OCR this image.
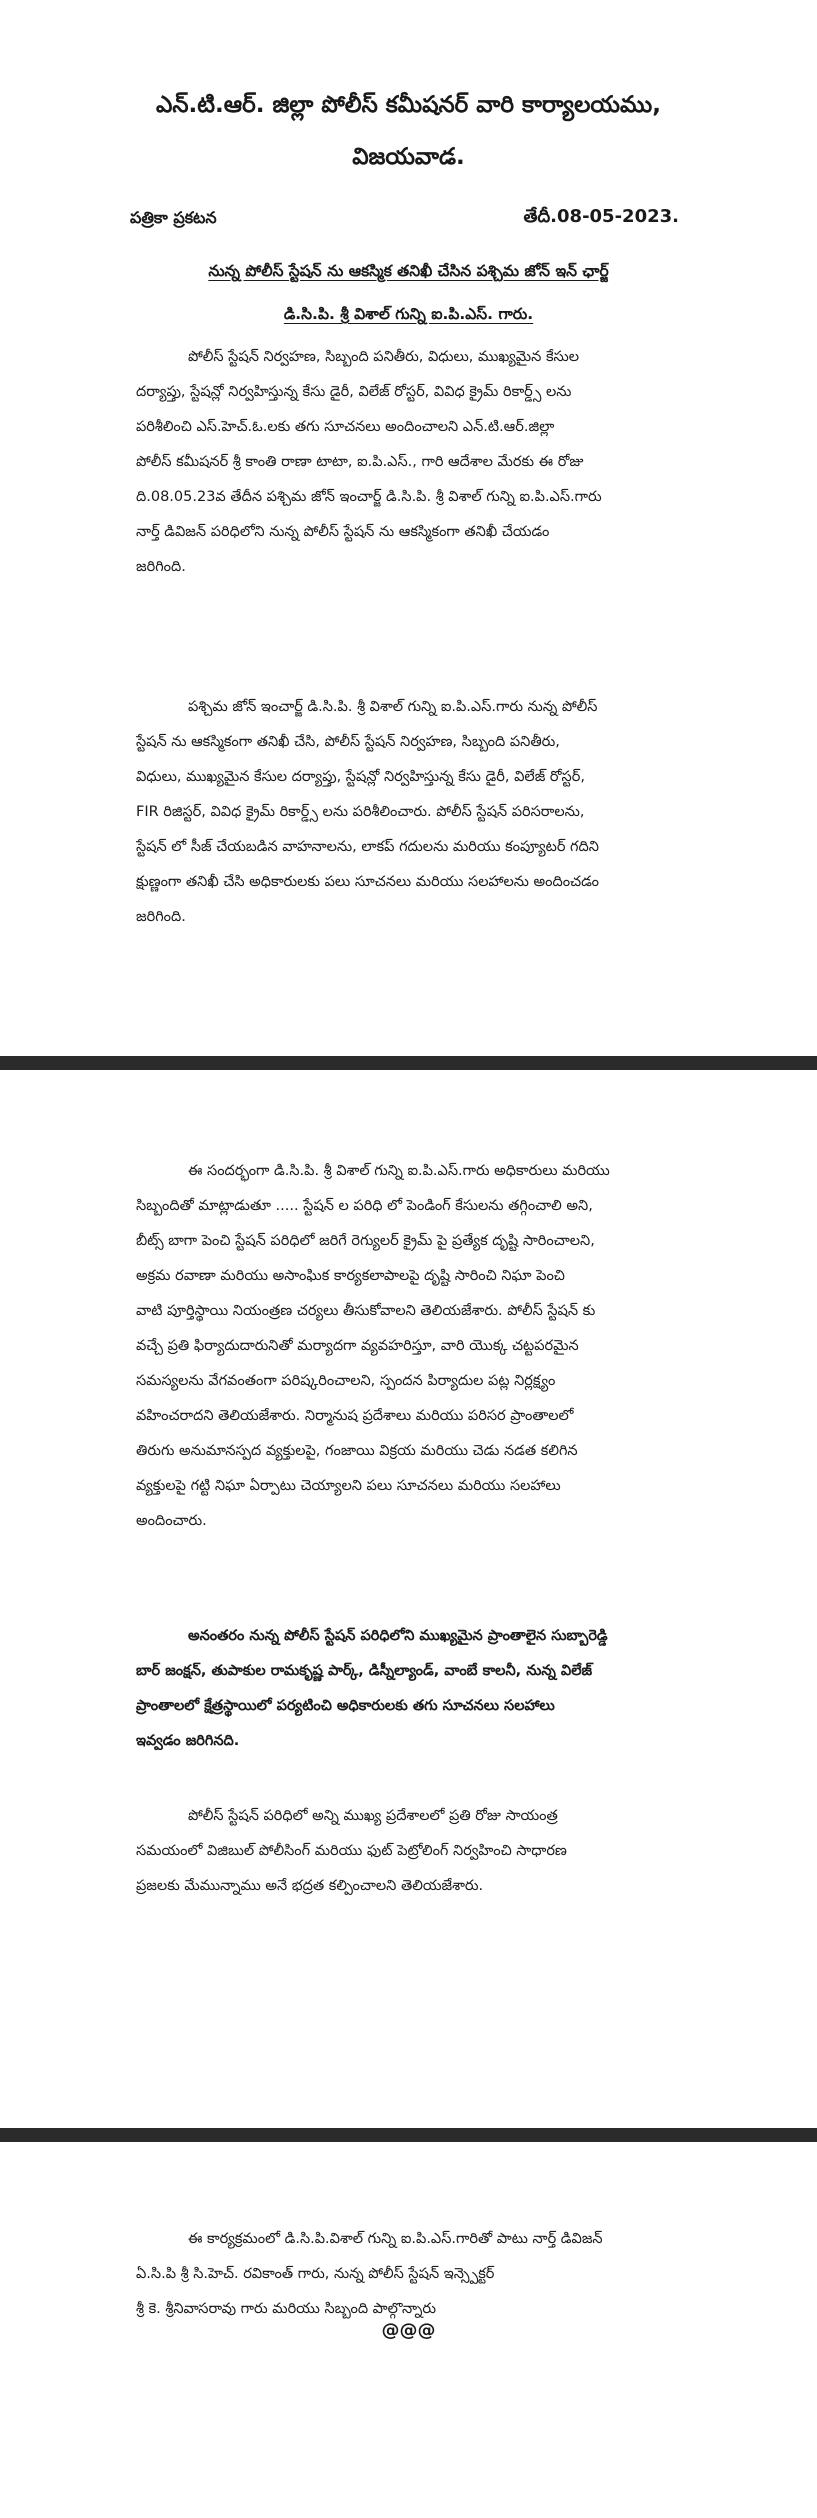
ఎన్.టి.ఆర్. జిల్లా పోలీస్ కమీషనర్ వారి కార్యాలయము,
విజయవాడ.
పత్రికా ప్రకటన	తేదీ.08-05-2023.
నున్న పోలీస్ స్టేషన్ ను ఆకస్మిక తనిఖీ చేసిన పశ్చిమ జోన్ ఇన్ ఛార్జ్
డి.సి.పి. శ్రీ విశాల్ గున్ని ఐ.పి.ఎస్. గారు.
పోలీస్ స్టేషన్ నిర్వహణ, సిబ్బంది పనితీరు, విధులు, ముఖ్యమైన కేసుల
దర్యాప్తు, స్టేషన్లో నిర్వహిస్తున్న కేసు డైరీ, విలేజ్ రోస్టర్, వివిధ క్రైమ్ రికార్డ్స్ లను
పరిశీలించి ఎస్.హెచ్.ఓ.లకు తగు సూచనలు అందించాలని ఎన్.టి.ఆర్.జిల్లా
పోలీస్ కమీషనర్ శ్రీ కాంతి రాణా టాటా, ఐ.పి.ఎస్., గారి ఆదేశాల మేరకు ఈ రోజు
ది.08.05.23వ తేదీన పశ్చిమ జోన్ ఇంచార్జ్ డి.సి.పి. శ్రీ విశాల్ గున్ని ఐ.పి.ఎస్.గారు
నార్త్ డివిజన్ పరిధిలోని నున్న పోలీస్ స్టేషన్ ను ఆకస్మికంగా తనిఖీ చేయడం
జరిగింది.
పశ్చిమ జోన్ ఇంచార్జ్ డి.సి.పి. శ్రీ విశాల్ గున్ని ఐ.పి.ఎస్.గారు నున్న పోలీస్
స్టేషన్ ను ఆకస్మికంగా తనిఖీ చేసి, పోలీస్ స్టేషన్ నిర్వహణ, సిబ్బంది పనితీరు,
విధులు, ముఖ్యమైన కేసుల దర్యాప్తు, స్టేషన్లో నిర్వహిస్తున్న కేసు డైరీ, విలేజ్ రోస్టర్,
FIR రిజిస్టర్, వివిధ క్రైమ్ రికార్డ్స్ లను పరిశీలించారు. పోలీస్ స్టేషన్ పరిసరాలను,
స్టేషన్ లో సీజ్ చేయబడిన వాహనాలను, లాకప్ గదులను మరియు కంప్యూటర్ గదిని
క్షుణ్ణంగా తనిఖీ చేసి అధికారులకు పలు సూచనలు మరియు సలహాలను అందించడం
జరిగింది.
ఈ సందర్భంగా డి.సి.పి. శ్రీ విశాల్ గున్ని ఐ.పి.ఎస్.గారు అధికారులు మరియు
సిబ్బందితో మాట్లాడుతూ ..... స్టేషన్ ల పరిధి లో పెండింగ్ కేసులను తగ్గించాలి అని,
బీట్స్ బాగా పెంచి స్టేషన్ పరిధిలో జరిగే రెగ్యులర్ క్రైమ్ పై ప్రత్యేక దృష్టి సారించాలని,
అక్రమ రవాణా మరియు అసాంఘిక కార్యకలాపాలపై దృష్టి సారించి నిఘా పెంచి
వాటి పూర్తిస్థాయి నియంత్రణ చర్యలు తీసుకోవాలని తెలియజేశారు. పోలీస్ స్టేషన్ కు
వచ్చే ప్రతి ఫిర్యాదుదారునితో మర్యాదగా వ్యవహరిస్తూ, వారి యొక్క చట్టపరమైన
సమస్యలను వేగవంతంగా పరిష్కరించాలని, స్పందన పిర్యాదుల పట్ల నిర్లక్ష్యం
వహించరాదని తెలియజేశారు. నిర్మానుష ప్రదేశాలు మరియు పరిసర ప్రాంతాలలో
తిరుగు అనుమానస్పద వ్యక్తులపై, గంజాయి విక్రయ మరియు చెడు నడత కలిగిన
వ్యక్తులపై గట్టి నిఘా ఏర్పాటు చెయ్యాలని పలు సూచనలు మరియు సలహాలు
అందించారు.
అనంతరం నున్న పోలీస్ స్టేషన్ పరిధిలోని ముఖ్యమైన ప్రాంతాలైన సుబ్బారెడ్డి
బార్ జంక్షన్, తుపాకుల రామకృష్ణ పార్క్, డిస్నీల్యాండ్, వాంబే కాలనీ, నున్న విలేజ్
ప్రాంతాలలో క్షేత్రస్థాయిలో పర్యటించి అధికారులకు తగు సూచనలు సలహాలు
ఇవ్వడం జరిగినది.
పోలీస్ స్టేషన్ పరిధిలో అన్ని ముఖ్య ప్రదేశాలలో ప్రతి రోజు సాయంత్ర
సమయంలో విజిబుల్ పోలీసింగ్ మరియు ఫుట్ పెట్రోలింగ్ నిర్వహించి సాధారణ
ప్రజలకు మేమున్నాము అనే భద్రత కల్పించాలని తెలియజేశారు.
ఈ కార్యక్రమంలో డి.సి.పి.విశాల్ గున్ని ఐ.పి.ఎస్.గారితో పాటు నార్త్ డివిజన్
ఏ.సి.పి శ్రీ సి.హెచ్. రవికాంత్ గారు, నున్న పోలీస్ స్టేషన్ ఇన్స్పెక్టర్
శ్రీ కె. శ్రీనివాసరావు గారు మరియు సిబ్బంది పాల్గొన్నారు
@@@
